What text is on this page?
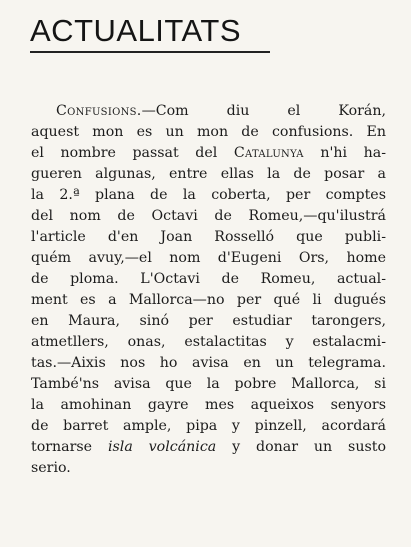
ACTUALITATS
Confusions.—Com diu el Korán,
aquest mon es un mon de confusions. En
el nombre passat del Catalunya n'hi ha-
gueren algunas, entre ellas la de posar a
la 2.ª plana de la coberta, per comptes
del nom de Octavi de Romeu,—qu'ilustrá
l'article d'en Joan Rosselló que publi-
quém avuy,—el nom d'Eugeni Ors, home
de ploma. L'Octavi de Romeu, actual-
ment es a Mallorca—no per qué li dugués
en Maura, sinó per estudiar tarongers,
atmetllers, onas, estalactitas y estalacmi-
tas.—Aixis nos ho avisa en un telegrama.
També'ns avisa que la pobre Mallorca, si
la amohinan gayre mes aqueixos senyors
de barret ample, pipa y pinzell, acordará
tornarse isla volcánica y donar un susto
serio.
